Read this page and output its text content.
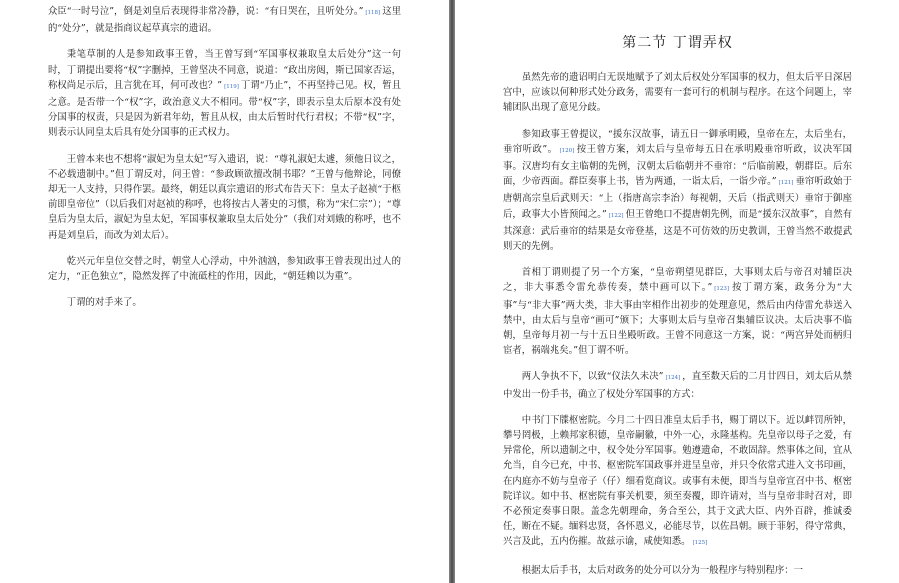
众臣“一时号泣”，倒是刘皇后表现得非常冷静，说：“有日哭在，且听处分。” [118] 这里的“处分”，就是指商议起草真宗的遗诏。

秉笔草制的人是参知政事王曾，当王曾写到“军国事权兼取皇太后处分”这一句时，丁谓提出要将“权”字删掉，王曾坚决不同意，说道：“政出房闼，斯已国家否运，称权尚足示后，且言犹在耳，何可改也？” [119] 丁谓“乃止”，不再坚持己见。权，暂且之意。是否带一个“权”字，政治意义大不相同。带“权”字，即表示皇太后原本没有处分国事的权责，只是因为新君年幼，暂且从权，由太后暂时代行君权；不带“权”字，则表示认同皇太后具有处分国事的正式权力。

王曾本来也不想将“淑妃为皇太妃”写入遗诏，说：“尊礼淑妃太遽，须他日议之，不必载遗制中。”但丁谓反对，问王曾：“参政顾欲擅改制书耶？”王曾与他辩论，同僚却无一人支持，只得作罢。最终，朝廷以真宗遗诏的形式布告天下：皇太子赵祯“于柩前即皇帝位”（以后我们对赵祯的称呼，也将按古人著史的习惯，称为“宋仁宗”）；“尊皇后为皇太后，淑妃为皇太妃，军国事权兼取皇太后处分”（我们对刘娥的称呼，也不再是刘皇后，而改为刘太后）。

乾兴元年皇位交替之时，朝堂人心浮动，中外汹汹，参知政事王曾表现出过人的定力，“正色独立”，隐然发挥了中流砥柱的作用，因此，“朝廷赖以为重”。

丁谓的对手来了。

第二节 丁谓弄权

虽然先帝的遗诏明白无误地赋予了刘太后权处分军国事的权力，但太后平日深居宫中，应该以何种形式处分政务，需要有一套可行的机制与程序。在这个问题上，宰辅团队出现了意见分歧。

参知政事王曾提议，“援东汉故事，请五日一御承明殿，皇帝在左，太后坐右，垂帘听政”。 [120] 按王曾方案，刘太后与皇帝每五日在承明殿垂帘听政，议决军国事。汉唐均有女主临朝的先例，汉朝太后临朝并不垂帘：“后临前殿，朝群臣。后东面，少帝西面。群臣奏事上书，皆为两通，一诣太后，一诣少帝。” [121] 垂帘听政始于唐朝高宗皇后武则天：“上（指唐高宗李治）每视朝，天后（指武则天）垂帘于御座后，政事大小皆预闻之。” [122] 但王曾绝口不提唐朝先例，而是“援东汉故事”，自然有其深意：武后垂帘的结果是女帝登基，这是不可仿效的历史教训，王曾当然不敢提武则天的先例。

首相丁谓则提了另一个方案，“皇帝朔望见群臣，大事则太后与帝召对辅臣决之，非大事悉令雷允恭传奏，禁中画可以下。” [123] 按丁谓方案，政务分为“大事”与“非大事”两大类，非大事由宰相作出初步的处理意见，然后由内侍雷允恭送入禁中，由太后与皇帝“画可”颁下；大事则太后与皇帝召集辅臣议决。太后决事不临朝，皇帝每月初一与十五日坐殿听政。王曾不同意这一方案，说：“两宫异处而柄归宦者，祸端兆矣。”但丁谓不听。

两人争执不下，以致“仪法久未决” [124] ，直至数天后的二月廿四日，刘太后从禁中发出一份手书，确立了权处分军国事的方式：

中书门下牒枢密院。今月二十四日准皇太后手书，赐丁谓以下。近以衅罚所钟，攀号罔极，上赖邦家积德，皇帝嗣徽，中外一心，永隆基构。先皇帝以母子之爱，有异常伦，所以遗制之中，权令处分军国事。勉遵遗命，不敢固辞。然事体之间，宜从允当，自今已充，中书、枢密院军国政事并进呈皇帝，并只令依常式进入文书印画，在内庭亦不妨与皇帝子（仔）细看览商议。或事有未便，即当与皇帝宣召中书、枢密院详议。如中书、枢密院有事关机要，须至奏覆，即许请对，当与皇帝非时召对，即不必预定奏事日限。盖念先朝理命，务合至公，其于文武大臣、内外百辟，推诚委任，断在不疑。缅料忠贤，各怀恩义，必能尽节，以佐昌朝。顾于菲躬，得守常典，兴言及此，五内伤摧。故兹示谕，咸使知悉。 [125]

根据太后手书，太后对政务的处分可以分为一般程序与特别程序：一
